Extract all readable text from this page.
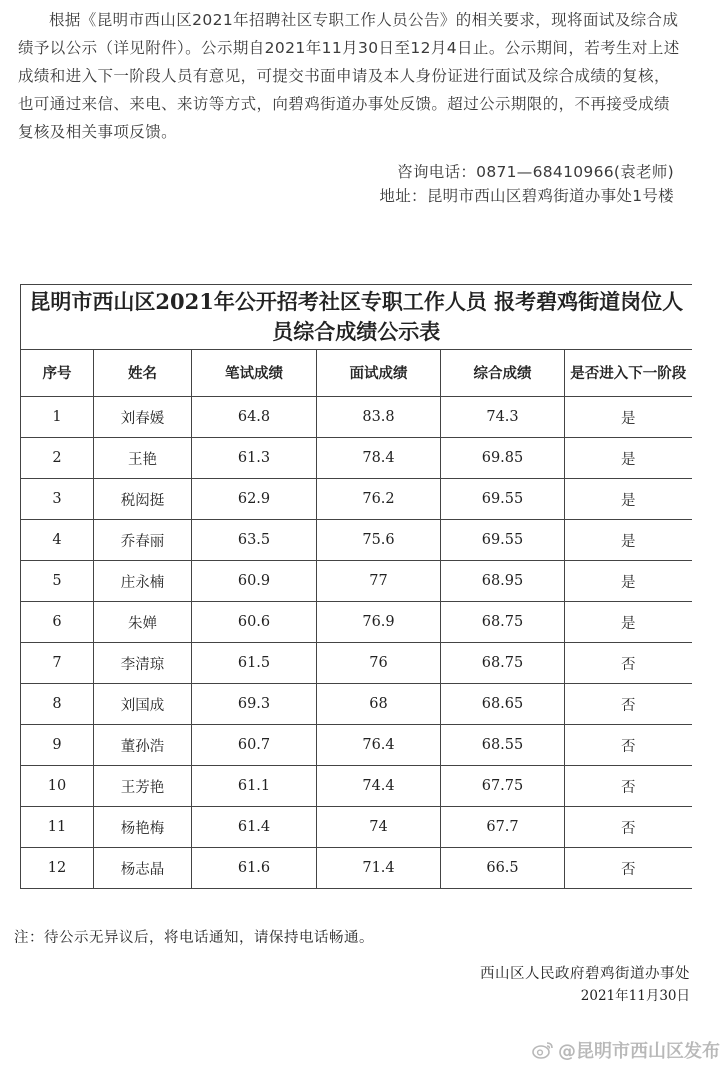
根据《昆明市西山区2021年招聘社区专职工作人员公告》的相关要求，现将面试及综合成绩予以公示（详见附件）。公示期自2021年11月30日至12月4日止。公示期间，若考生对上述成绩和进入下一阶段人员有意见，可提交书面申请及本人身份证进行面试及综合成绩的复核，也可通过来信、来电、来访等方式，向碧鸡街道办事处反馈。超过公示期限的，不再接受成绩复核及相关事项反馈。

咨询电话：0871—68410966(袁老师)
地址：昆明市西山区碧鸡街道办事处1号楼
昆明市西山区2021年公开招考社区专职工作人员 报考碧鸡街道岗位人员综合成绩公示表					
序号	姓名	笔试成绩	面试成绩	综合成绩	是否进入下一阶段
1	刘春媛	64.8	83.8	74.3	是
2	王艳	61.3	78.4	69.85	是
3	税闳挺	62.9	76.2	69.55	是
4	乔春丽	63.5	75.6	69.55	是
5	庄永楠	60.9	77	68.95	是
6	朱婵	60.6	76.9	68.75	是
7	李清琼	61.5	76	68.75	否
8	刘国成	69.3	68	68.65	否
9	董孙浩	60.7	76.4	68.55	否
10	王芳艳	61.1	74.4	67.75	否
11	杨艳梅	61.4	74	67.7	否
12	杨志晶	61.6	71.4	66.5	否
注：待公示无异议后，将电话通知，请保持电话畅通。
西山区人民政府碧鸡街道办事处
2021年11月30日
@昆明市西山区发布
